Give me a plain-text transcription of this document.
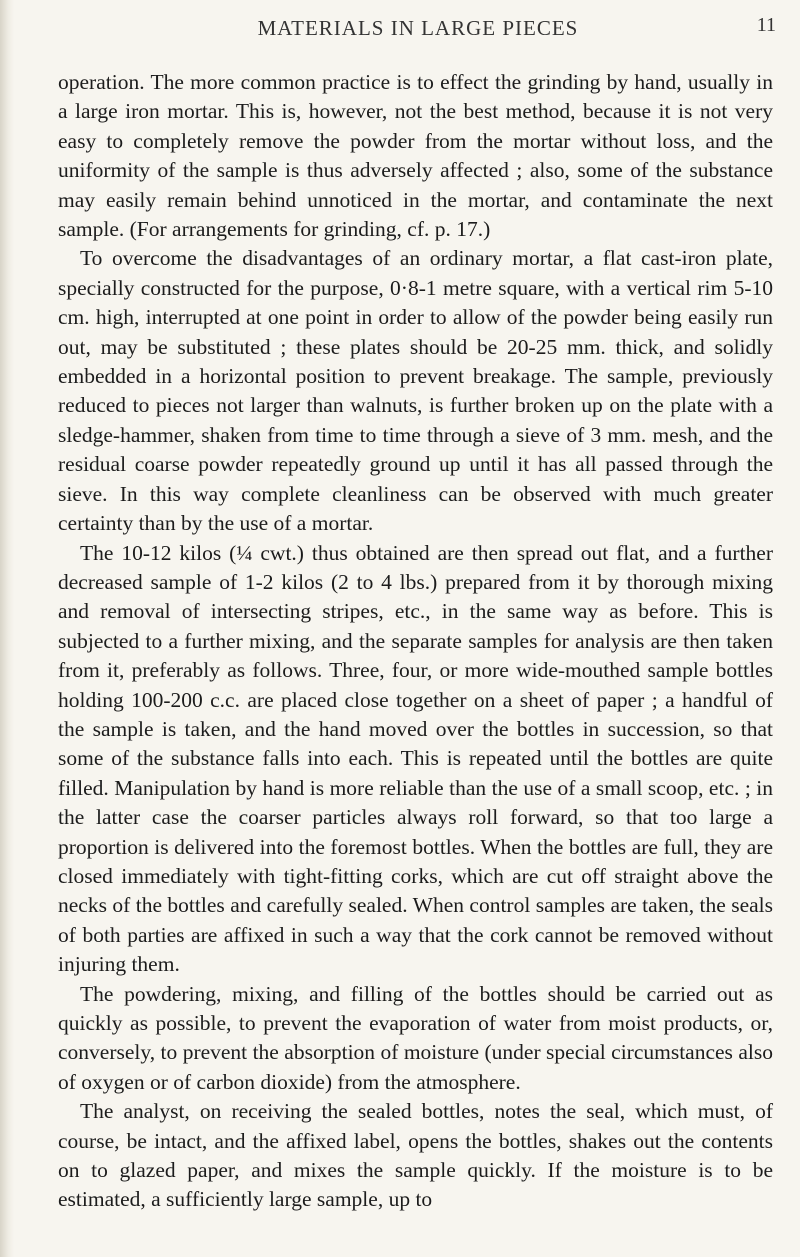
MATERIALS IN LARGE PIECES	11

operation. The more common practice is to effect the grinding by hand, usually in a large iron mortar. This is, however, not the best method, because it is not very easy to completely remove the powder from the mortar without loss, and the uniformity of the sample is thus adversely affected ; also, some of the substance may easily remain behind unnoticed in the mortar, and contaminate the next sample. (For arrangements for grinding, cf. p. 17.)

To overcome the disadvantages of an ordinary mortar, a flat cast-iron plate, specially constructed for the purpose, 0·8-1 metre square, with a vertical rim 5-10 cm. high, interrupted at one point in order to allow of the powder being easily run out, may be substituted ; these plates should be 20-25 mm. thick, and solidly embedded in a horizontal position to prevent breakage. The sample, previously reduced to pieces not larger than walnuts, is further broken up on the plate with a sledge-hammer, shaken from time to time through a sieve of 3 mm. mesh, and the residual coarse powder repeatedly ground up until it has all passed through the sieve. In this way complete cleanliness can be observed with much greater certainty than by the use of a mortar.

The 10-12 kilos (¼ cwt.) thus obtained are then spread out flat, and a further decreased sample of 1-2 kilos (2 to 4 lbs.) prepared from it by thorough mixing and removal of intersecting stripes, etc., in the same way as before. This is subjected to a further mixing, and the separate samples for analysis are then taken from it, preferably as follows. Three, four, or more wide-mouthed sample bottles holding 100-200 c.c. are placed close together on a sheet of paper ; a handful of the sample is taken, and the hand moved over the bottles in succession, so that some of the substance falls into each. This is repeated until the bottles are quite filled. Manipulation by hand is more reliable than the use of a small scoop, etc. ; in the latter case the coarser particles always roll forward, so that too large a proportion is delivered into the foremost bottles. When the bottles are full, they are closed immediately with tight-fitting corks, which are cut off straight above the necks of the bottles and carefully sealed. When control samples are taken, the seals of both parties are affixed in such a way that the cork cannot be removed without injuring them.

The powdering, mixing, and filling of the bottles should be carried out as quickly as possible, to prevent the evaporation of water from moist products, or, conversely, to prevent the absorption of moisture (under special circumstances also of oxygen or of carbon dioxide) from the atmosphere.

The analyst, on receiving the sealed bottles, notes the seal, which must, of course, be intact, and the affixed label, opens the bottles, shakes out the contents on to glazed paper, and mixes the sample quickly. If the moisture is to be estimated, a sufficiently large sample, up to
